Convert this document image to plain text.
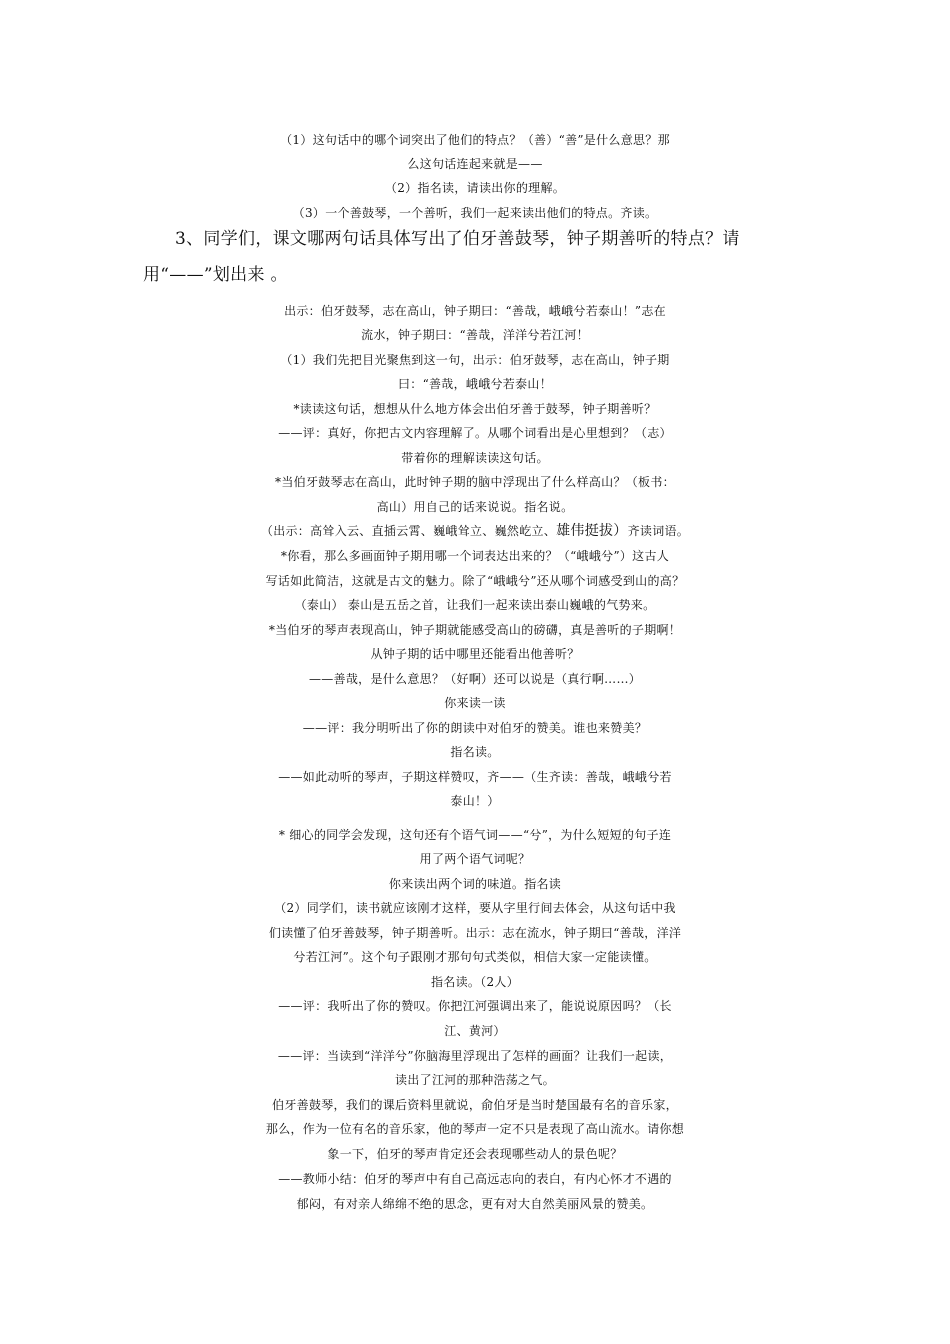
（1）这句话中的哪个词突出了他们的特点？（善）“善”是什么意思？那

么这句话连起来就是——

（2）指名读，请读出你的理解。

（3）一个善鼓琴，一个善听，我们一起来读出他们的特点。齐读。

3、同学们，课文哪两句话具体写出了伯牙善鼓琴，钟子期善听的特点？请

用“——”划出来 。

出示：伯牙鼓琴，志在高山，钟子期曰：“善哉，峨峨兮若泰山！”志在

流水，钟子期曰：“善哉，洋洋兮若江河！

（1）我们先把目光聚焦到这一句，出示：伯牙鼓琴，志在高山，钟子期

曰：“善哉，峨峨兮若泰山！

*读读这句话，想想从什么地方体会出伯牙善于鼓琴，钟子期善听？

——评：真好，你把古文内容理解了。从哪个词看出是心里想到？（志）

带着你的理解读读这句话。

*当伯牙鼓琴志在高山，此时钟子期的脑中浮现出了什么样高山？（板书：

高山）用自己的话来说说。指名说。

（出示：高耸入云、直插云霄、巍峨耸立、巍然屹立、雄伟挺拔）齐读词语。

*你看，那么多画面钟子期用哪一个词表达出来的？（“峨峨兮”）这古人

写话如此简洁，这就是古文的魅力。除了“峨峨兮”还从哪个词感受到山的高？

（泰山） 泰山是五岳之首，让我们一起来读出泰山巍峨的气势来。

*当伯牙的琴声表现高山，钟子期就能感受高山的磅礴，真是善听的子期啊！

从钟子期的话中哪里还能看出他善听？

——善哉，是什么意思？（好啊）还可以说是（真行啊……）

你来读一读

——评：我分明听出了你的朗读中对伯牙的赞美。谁也来赞美？

指名读。

——如此动听的琴声，子期这样赞叹，齐——（生齐读：善哉，峨峨兮若

泰山！）

* 细心的同学会发现，这句还有个语气词——“兮”，为什么短短的句子连

用了两个语气词呢？

你来读出两个词的味道。指名读

（2）同学们，读书就应该刚才这样，要从字里行间去体会，从这句话中我

们读懂了伯牙善鼓琴，钟子期善听。出示：志在流水，钟子期曰“善哉，洋洋

兮若江河”。这个句子跟刚才那句句式类似，相信大家一定能读懂。

指名读。（2人）

——评：我听出了你的赞叹。你把江河强调出来了，能说说原因吗？（长

江、黄河）

——评：当读到“洋洋兮”你脑海里浮现出了怎样的画面？让我们一起读，

读出了江河的那种浩荡之气。

伯牙善鼓琴，我们的课后资料里就说，俞伯牙是当时楚国最有名的音乐家，

那么，作为一位有名的音乐家，他的琴声一定不只是表现了高山流水。请你想

象一下，伯牙的琴声肯定还会表现哪些动人的景色呢？

——教师小结：伯牙的琴声中有自己高远志向的表白，有内心怀才不遇的

郁闷，有对亲人绵绵不绝的思念，更有对大自然美丽风景的赞美。
